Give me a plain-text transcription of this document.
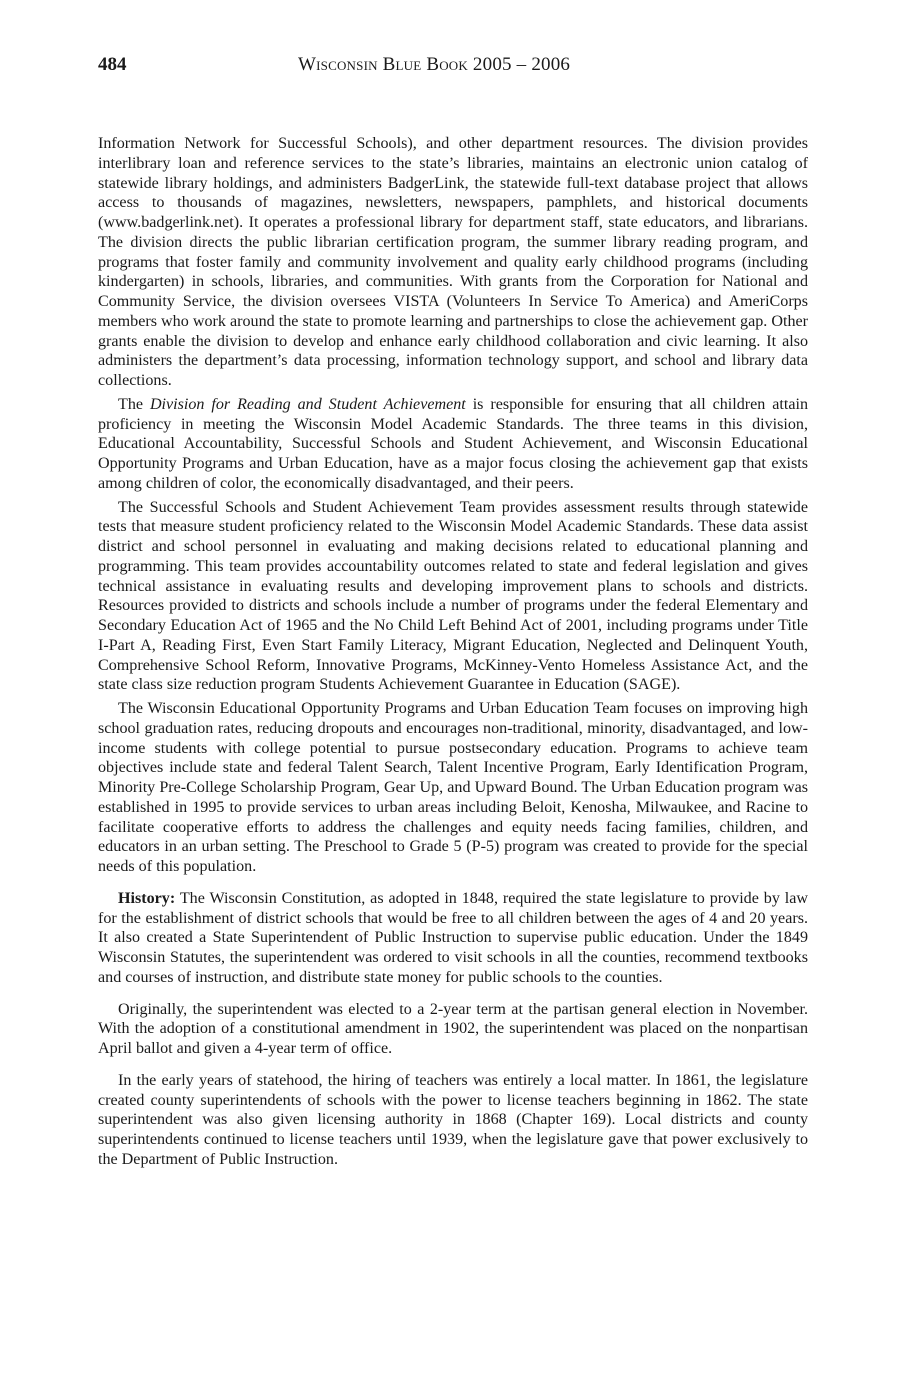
484	Wisconsin Blue Book 2005 – 2006

Information Network for Successful Schools), and other department resources. The division provides interlibrary loan and reference services to the state’s libraries, maintains an electronic union catalog of statewide library holdings, and administers BadgerLink, the statewide full-text database project that allows access to thousands of magazines, newsletters, newspapers, pamphlets, and historical documents (www.badgerlink.net). It operates a professional library for department staff, state educators, and librarians. The division directs the public librarian certification program, the summer library reading program, and programs that foster family and community involvement and quality early childhood programs (including kindergarten) in schools, libraries, and communities. With grants from the Corporation for National and Community Service, the division oversees VISTA (Volunteers In Service To America) and AmeriCorps members who work around the state to promote learning and partnerships to close the achievement gap. Other grants enable the division to develop and enhance early childhood collaboration and civic learning. It also administers the department’s data processing, information technology support, and school and library data collections.

The Division for Reading and Student Achievement is responsible for ensuring that all children attain proficiency in meeting the Wisconsin Model Academic Standards. The three teams in this division, Educational Accountability, Successful Schools and Student Achievement, and Wisconsin Educational Opportunity Programs and Urban Education, have as a major focus closing the achievement gap that exists among children of color, the economically disadvantaged, and their peers.

The Successful Schools and Student Achievement Team provides assessment results through statewide tests that measure student proficiency related to the Wisconsin Model Academic Standards. These data assist district and school personnel in evaluating and making decisions related to educational planning and programming. This team provides accountability outcomes related to state and federal legislation and gives technical assistance in evaluating results and developing improvement plans to schools and districts. Resources provided to districts and schools include a number of programs under the federal Elementary and Secondary Education Act of 1965 and the No Child Left Behind Act of 2001, including programs under Title I-Part A, Reading First, Even Start Family Literacy, Migrant Education, Neglected and Delinquent Youth, Comprehensive School Reform, Innovative Programs, McKinney-Vento Homeless Assistance Act, and the state class size reduction program Students Achievement Guarantee in Education (SAGE).

The Wisconsin Educational Opportunity Programs and Urban Education Team focuses on improving high school graduation rates, reducing dropouts and encourages non-traditional, minority, disadvantaged, and low-income students with college potential to pursue postsecondary education. Programs to achieve team objectives include state and federal Talent Search, Talent Incentive Program, Early Identification Program, Minority Pre-College Scholarship Program, Gear Up, and Upward Bound. The Urban Education program was established in 1995 to provide services to urban areas including Beloit, Kenosha, Milwaukee, and Racine to facilitate cooperative efforts to address the challenges and equity needs facing families, children, and educators in an urban setting. The Preschool to Grade 5 (P-5) program was created to provide for the special needs of this population.

History: The Wisconsin Constitution, as adopted in 1848, required the state legislature to provide by law for the establishment of district schools that would be free to all children between the ages of 4 and 20 years. It also created a State Superintendent of Public Instruction to supervise public education. Under the 1849 Wisconsin Statutes, the superintendent was ordered to visit schools in all the counties, recommend textbooks and courses of instruction, and distribute state money for public schools to the counties.

Originally, the superintendent was elected to a 2-year term at the partisan general election in November. With the adoption of a constitutional amendment in 1902, the superintendent was placed on the nonpartisan April ballot and given a 4-year term of office.

In the early years of statehood, the hiring of teachers was entirely a local matter. In 1861, the legislature created county superintendents of schools with the power to license teachers beginning in 1862. The state superintendent was also given licensing authority in 1868 (Chapter 169). Local districts and county superintendents continued to license teachers until 1939, when the legislature gave that power exclusively to the Department of Public Instruction.
